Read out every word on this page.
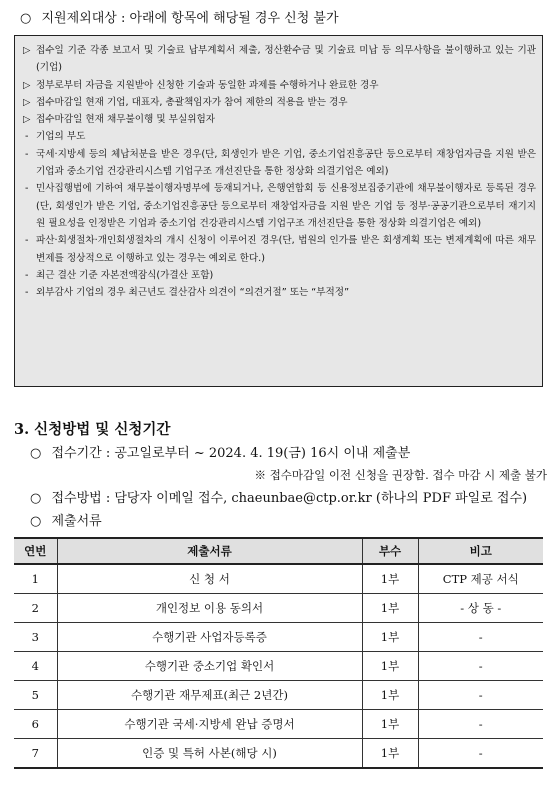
○ 지원제외대상 : 아래에 항목에 해당될 경우 신청 불가
▷ 접수일 기준 각종 보고서 및 기술료 납부계획서 제출, 정산환수금 및 기술료 미납 등 의무사항을 불이행하고 있는 기관(기업)
▷ 정부로부터 자금을 지원받아 신청한 기술과 동일한 과제를 수행하거나 완료한 경우
▷ 접수마감일 현재 기업, 대표자, 총괄책임자가 참여 제한의 적용을 받는 경우
▷ 접수마감일 현재 채무불이행 및 부실위험자
- 기업의 부도
- 국세·지방세 등의 체납처분을 받은 경우(단, 회생인가 받은 기업, 중소기업진흥공단 등으로부터 재창업자금을 지원 받은 기업과 중소기업 건강관리시스템 기업구조 개선진단을 통한 정상화 의결기업은 예외)
- 민사집행법에 기하여 채무불이행자명부에 등재되거나, 은행연합회 등 신용정보집중기관에 채무불이행자로 등록된 경우(단, 회생인가 받은 기업, 중소기업진흥공단 등으로부터 재창업자금을 지원 받은 기업 등 정부·공공기관으로부터 재기지원 필요성을 인정받은 기업과 중소기업 건강관리시스템 기업구조 개선진단을 통한 정상화 의결기업은 예외)
- 파산·회생절차·개인회생절차의 개시 신청이 이루어진 경우(단, 법원의 인가를 받은 회생계획 또는 변제계획에 따른 채무변제를 정상적으로 이행하고 있는 경우는 예외로 한다.)
- 최근 결산 기준 자본전액잠식(가결산 포함)
- 외부감사 기업의 경우 최근년도 결산감사 의견이 “의견거절” 또는 “부적정”
3. 신청방법 및 신청기간
○ 접수기간 : 공고일로부터 ~ 2024. 4. 19(금) 16시 이내 제출분
※ 접수마감일 이전 신청을 권장함. 접수 마감 시 제출 불가
○ 접수방법 : 담당자 이메일 접수, chaeunbae@ctp.or.kr (하나의 PDF 파일로 접수)
○ 제출서류
연번	제출서류	부수	비고
1	신 청 서	1부	CTP 제공 서식
2	개인정보 이용 동의서	1부	- 상 동 -
3	수행기관 사업자등록증	1부	-
4	수행기관 중소기업 확인서	1부	-
5	수행기관 재무제표(최근 2년간)	1부	-
6	수행기관 국세·지방세 완납 증명서	1부	-
7	인증 및 특허 사본(해당 시)	1부	-
